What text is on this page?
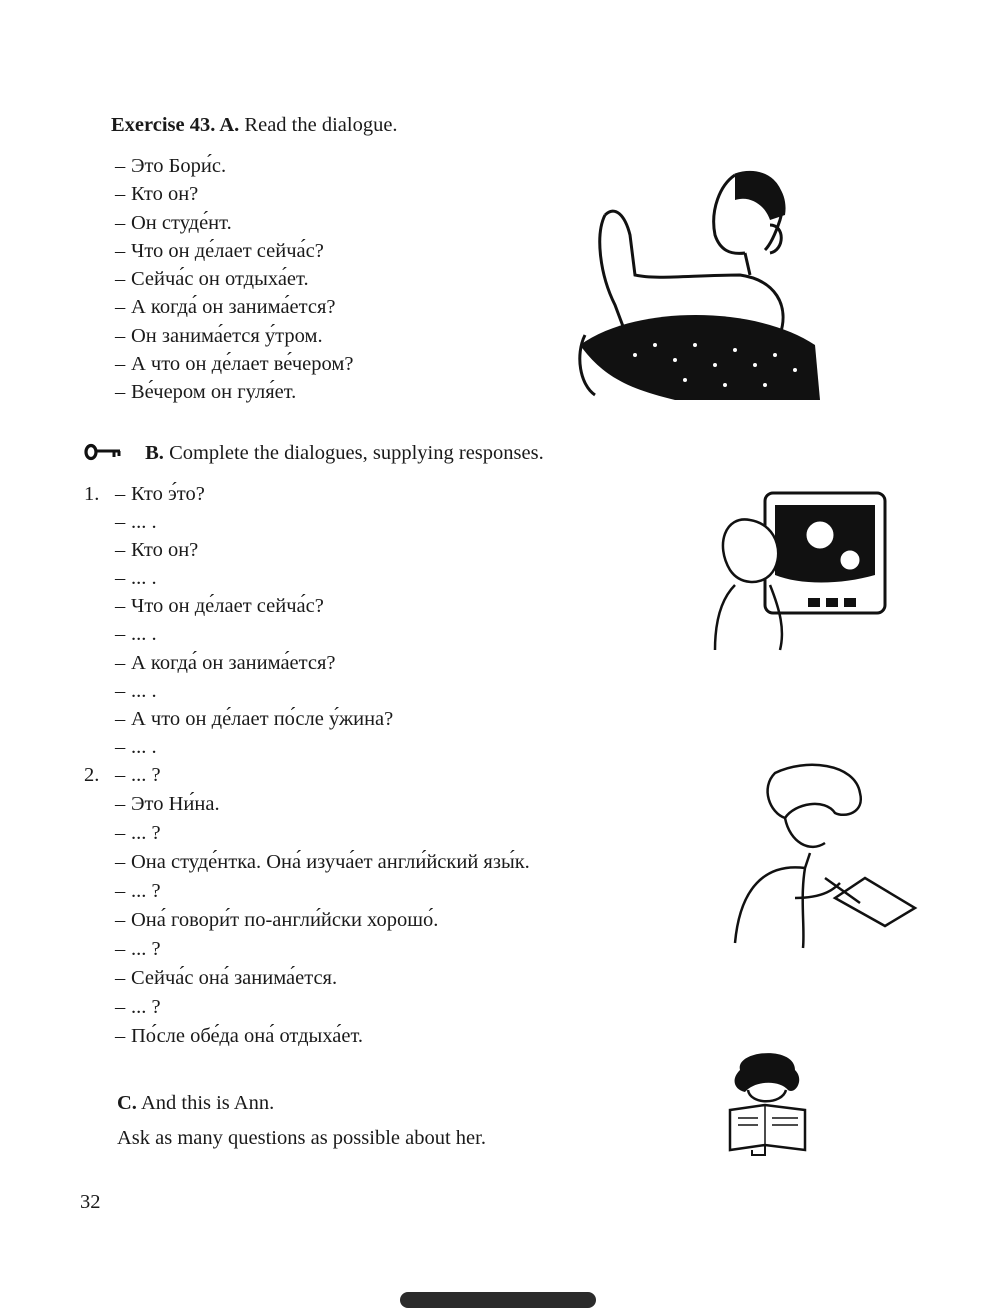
Exercise 43. A. Read the dialogue.
– Это Бори́с.
– Кто он?
– Он студе́нт.
– Что он де́лает сейча́с?
– Сейча́с он отдыха́ет.
– А когда́ он занима́ется?
– Он занима́ется у́тром.
– А что он де́лает ве́чером?
– Ве́чером он гуля́ет.
B. Complete the dialogues, supplying responses.
1. – Кто э́то?
– ... .
– Кто он?
– ... .
– Что он де́лает сейча́с?
– ... .
– А когда́ он занима́ется?
– ... .
– А что он де́лает по́сле у́жина?
– ... .
2. – ... ?
– Это Ни́на.
– ... ?
– Она студе́нтка. Она́ изуча́ет англи́йский язы́к.
– ... ?
– Она́ говори́т по-англи́йски хорошо́.
– ... ?
– Сейча́с она́ занима́ется.
– ... ?
– По́сле обе́да она́ отдыха́ет.
C. And this is Ann.
Ask as many questions as possible about her.
32
